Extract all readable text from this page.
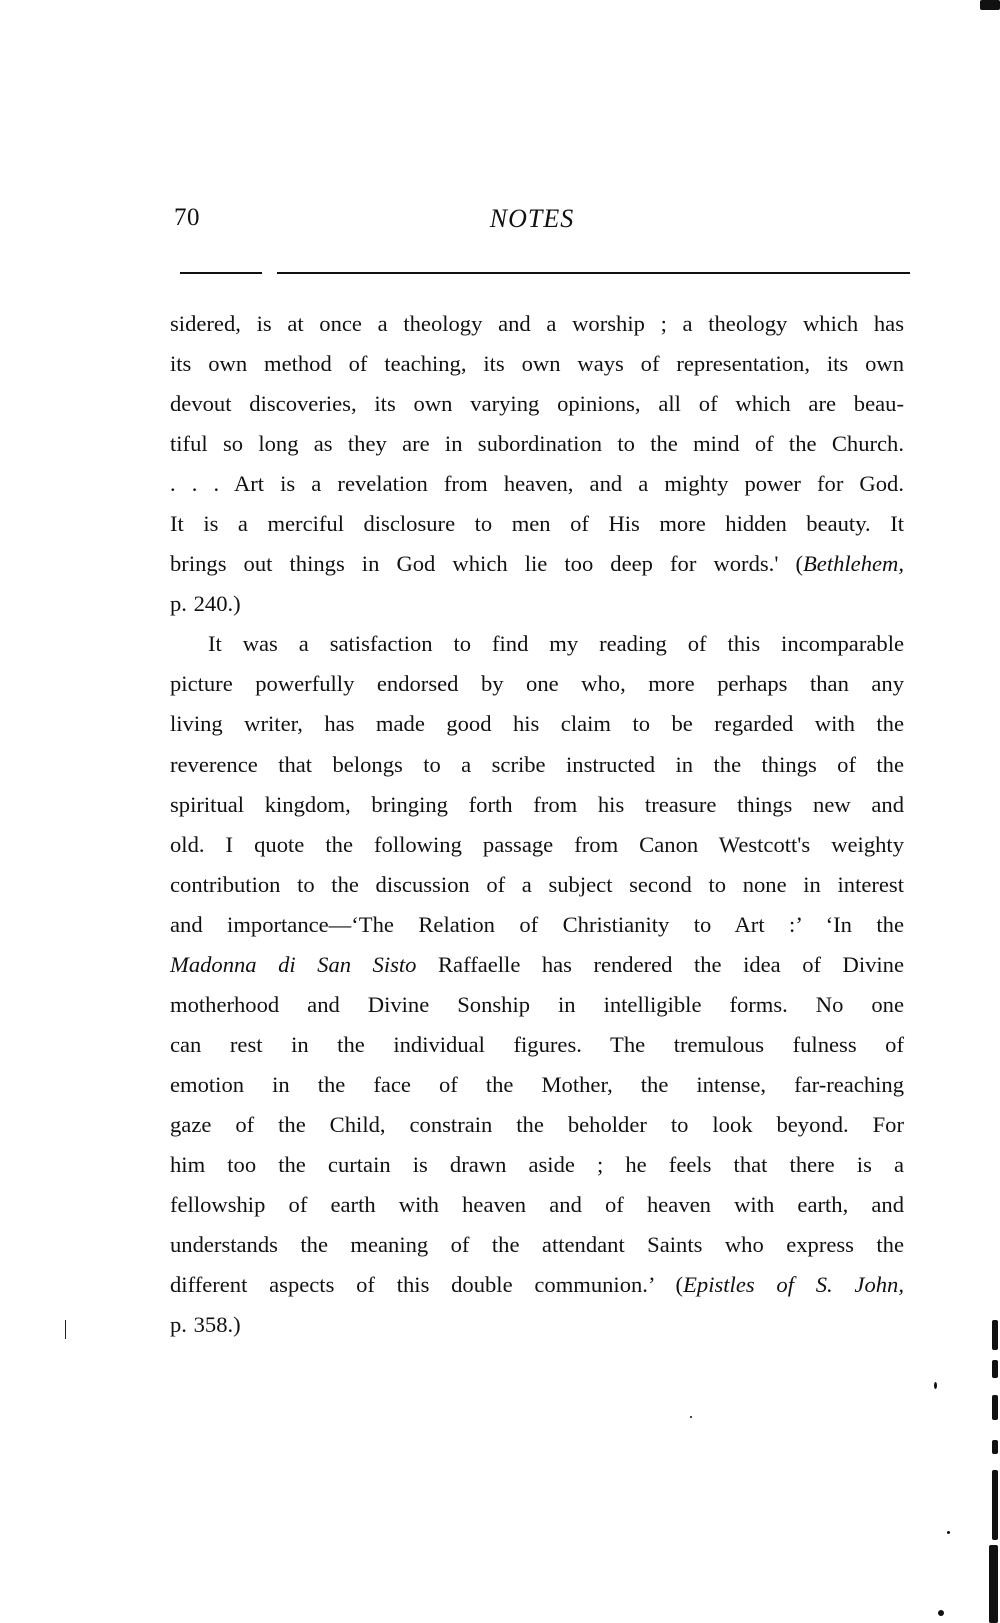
70	NOTES
sidered, is at once a theology and a worship ; a theology which has
its own method of teaching, its own ways of representation, its own
devout discoveries, its own varying opinions, all of which are beau-
tiful so long as they are in subordination to the mind of the Church.
. . . Art is a revelation from heaven, and a mighty power for God.
It is a merciful disclosure to men of His more hidden beauty. It
brings out things in God which lie too deep for words.' (Bethlehem,
p. 240.)
It was a satisfaction to find my reading of this incomparable
picture powerfully endorsed by one who, more perhaps than any
living writer, has made good his claim to be regarded with the
reverence that belongs to a scribe instructed in the things of the
spiritual kingdom, bringing forth from his treasure things new and
old. I quote the following passage from Canon Westcott's weighty
contribution to the discussion of a subject second to none in interest
and importance—‘The Relation of Christianity to Art :’ ‘In the
Madonna di San Sisto Raffaelle has rendered the idea of Divine
motherhood and Divine Sonship in intelligible forms. No one
can rest in the individual figures. The tremulous fulness of
emotion in the face of the Mother, the intense, far-reaching
gaze of the Child, constrain the beholder to look beyond. For
him too the curtain is drawn aside ; he feels that there is a
fellowship of earth with heaven and of heaven with earth, and
understands the meaning of the attendant Saints who express the
different aspects of this double communion.’ (Epistles of S. John,
p. 358.)
